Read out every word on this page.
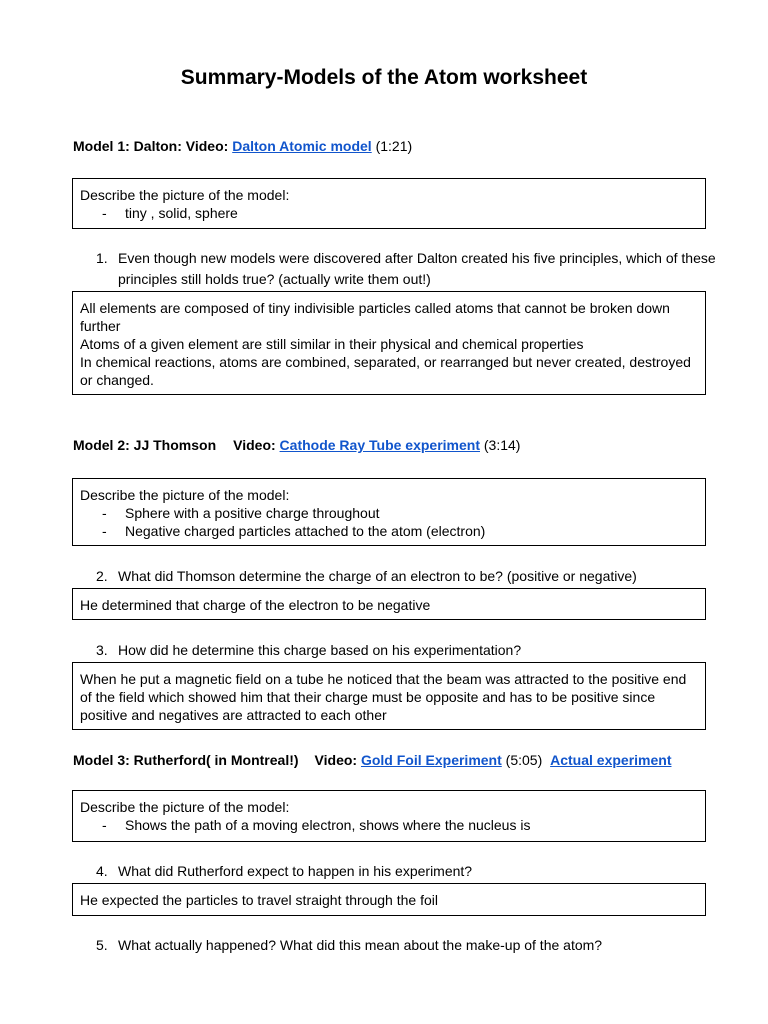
Summary-Models of the Atom worksheet
Model 1: Dalton: Video: Dalton Atomic model (1:21)
Describe the picture of the model:
-	tiny , solid, sphere
1. Even though new models were discovered after Dalton created his five principles, which of these principles still holds true? (actually write them out!)
All elements are composed of tiny indivisible particles called atoms that cannot be broken down further
Atoms of a given element are still similar in their physical and chemical properties
In chemical reactions, atoms are combined, separated, or rearranged but never created, destroyed or changed.
Model 2: JJ Thomson Video: Cathode Ray Tube experiment (3:14)
Describe the picture of the model:
-	Sphere with a positive charge throughout
-	Negative charged particles attached to the atom (electron)
2. What did Thomson determine the charge of an electron to be? (positive or negative)
He determined that charge of the electron to be negative
3. How did he determine this charge based on his experimentation?
When he put a magnetic field on a tube he noticed that the beam was attracted to the positive end of the field which showed him that their charge must be opposite and has to be positive since positive and negatives are attracted to each other
Model 3: Rutherford( in Montreal!) Video: Gold Foil Experiment (5:05) Actual experiment
Describe the picture of the model:
-	Shows the path of a moving electron, shows where the nucleus is
4. What did Rutherford expect to happen in his experiment?
He expected the particles to travel straight through the foil
5. What actually happened? What did this mean about the make-up of the atom?
